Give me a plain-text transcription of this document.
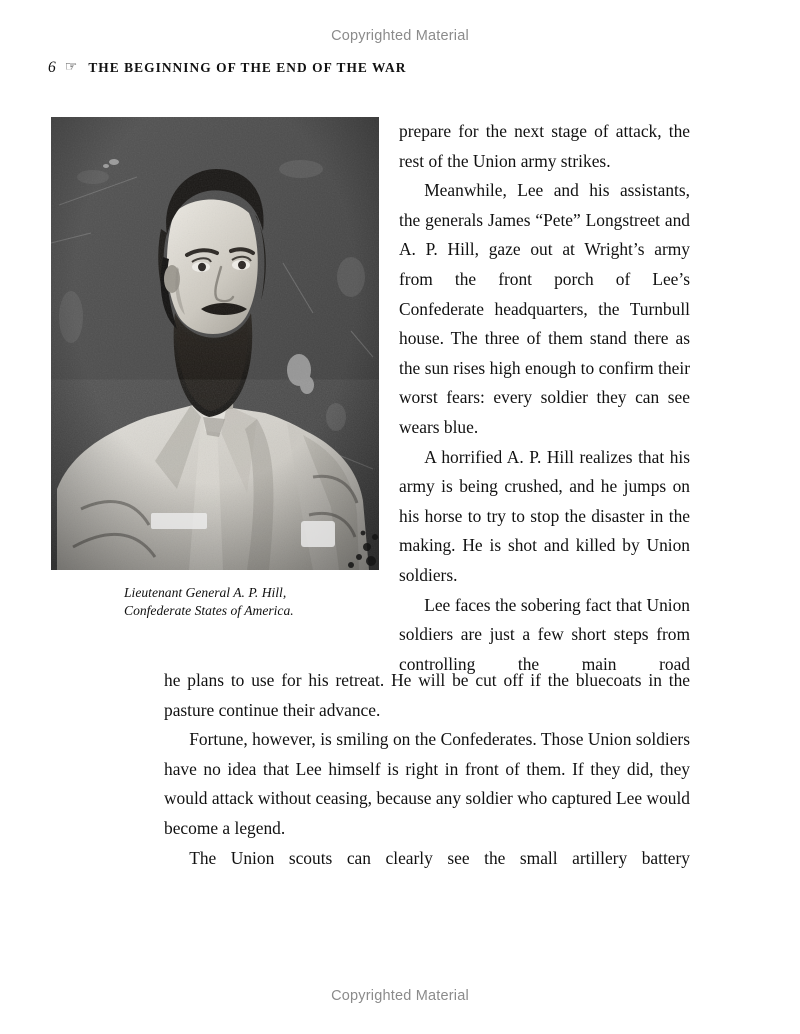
Copyrighted Material
6 ☞ THE BEGINNING OF THE END OF THE WAR
Lieutenant General A. P. Hill,
Confederate States of America.

prepare for the next stage of attack, the rest of the Union army strikes.

Meanwhile, Lee and his assistants, the generals James “Pete” Longstreet and A. P. Hill, gaze out at Wright’s army from the front porch of Lee’s Confederate headquarters, the Turnbull house. The three of them stand there as the sun rises high enough to confirm their worst fears: every soldier they can see wears blue.

A horrified A. P. Hill realizes that his army is being crushed, and he jumps on his horse to try to stop the disaster in the making. He is shot and killed by Union soldiers.

Lee faces the sobering fact that Union soldiers are just a few short steps from controlling the main road

he plans to use for his retreat. He will be cut off if the bluecoats in the pasture continue their advance.

Fortune, however, is smiling on the Confederates. Those Union soldiers have no idea that Lee himself is right in front of them. If they did, they would attack without ceasing, because any soldier who captured Lee would become a legend.

The Union scouts can clearly see the small artillery battery

Copyrighted Material
